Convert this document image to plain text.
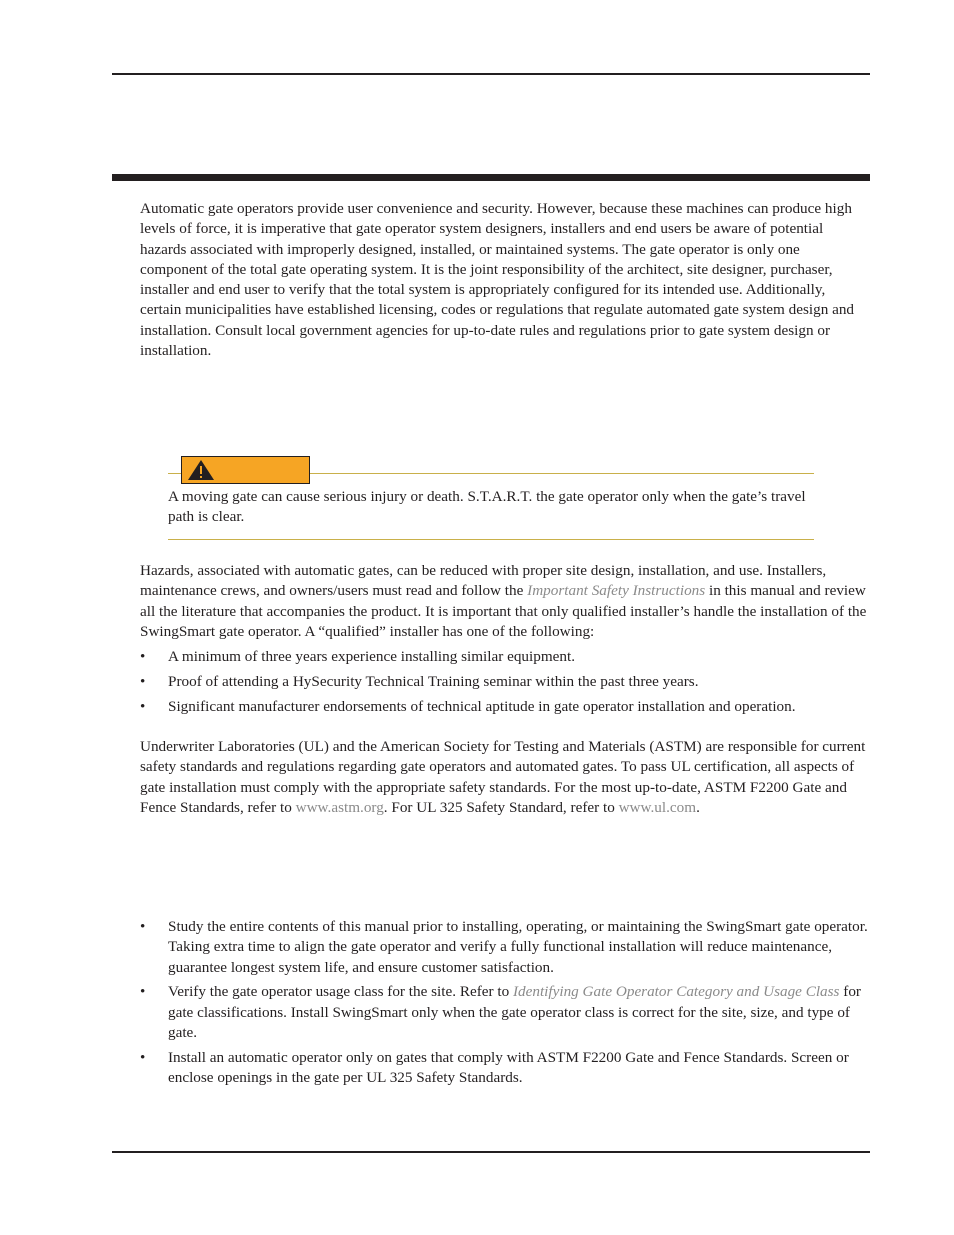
Automatic gate operators provide user convenience and security. However, because these machines can produce high levels of force, it is imperative that gate operator system designers, installers and end users be aware of potential hazards associated with improperly designed, installed, or maintained systems. The gate operator is only one component of the total gate operating system. It is the joint responsibility of the architect, site designer, purchaser, installer and end user to verify that the total system is appropriately configured for its intended use. Additionally, certain municipalities have established licensing, codes or regulations that regulate automated gate system design and installation. Consult local government agencies for up-to-date rules and regulations prior to gate system design or installation.

A moving gate can cause serious injury or death. S.T.A.R.T. the gate operator only when the gate’s travel path is clear.

Hazards, associated with automatic gates, can be reduced with proper site design, installation, and use. Installers, maintenance crews, and owners/users must read and follow the Important Safety Instructions in this manual and review all the literature that accompanies the product. It is important that only qualified installer’s handle the installation of the SwingSmart gate operator. A “qualified” installer has one of the following:

• A minimum of three years experience installing similar equipment.
• Proof of attending a HySecurity Technical Training seminar within the past three years.
• Significant manufacturer endorsements of technical aptitude in gate operator installation and operation.

Underwriter Laboratories (UL) and the American Society for Testing and Materials (ASTM) are responsible for current safety standards and regulations regarding gate operators and automated gates. To pass UL certification, all aspects of gate installation must comply with the appropriate safety standards. For the most up-to-date, ASTM F2200 Gate and Fence Standards, refer to www.astm.org. For UL 325 Safety Standard, refer to www.ul.com.

• Study the entire contents of this manual prior to installing, operating, or maintaining the SwingSmart gate operator. Taking extra time to align the gate operator and verify a fully functional installation will reduce maintenance, guarantee longest system life, and ensure customer satisfaction.
• Verify the gate operator usage class for the site. Refer to Identifying Gate Operator Category and Usage Class for gate classifications. Install SwingSmart only when the gate operator class is correct for the site, size, and type of gate.
• Install an automatic operator only on gates that comply with ASTM F2200 Gate and Fence Standards. Screen or enclose openings in the gate per UL 325 Safety Standards.
